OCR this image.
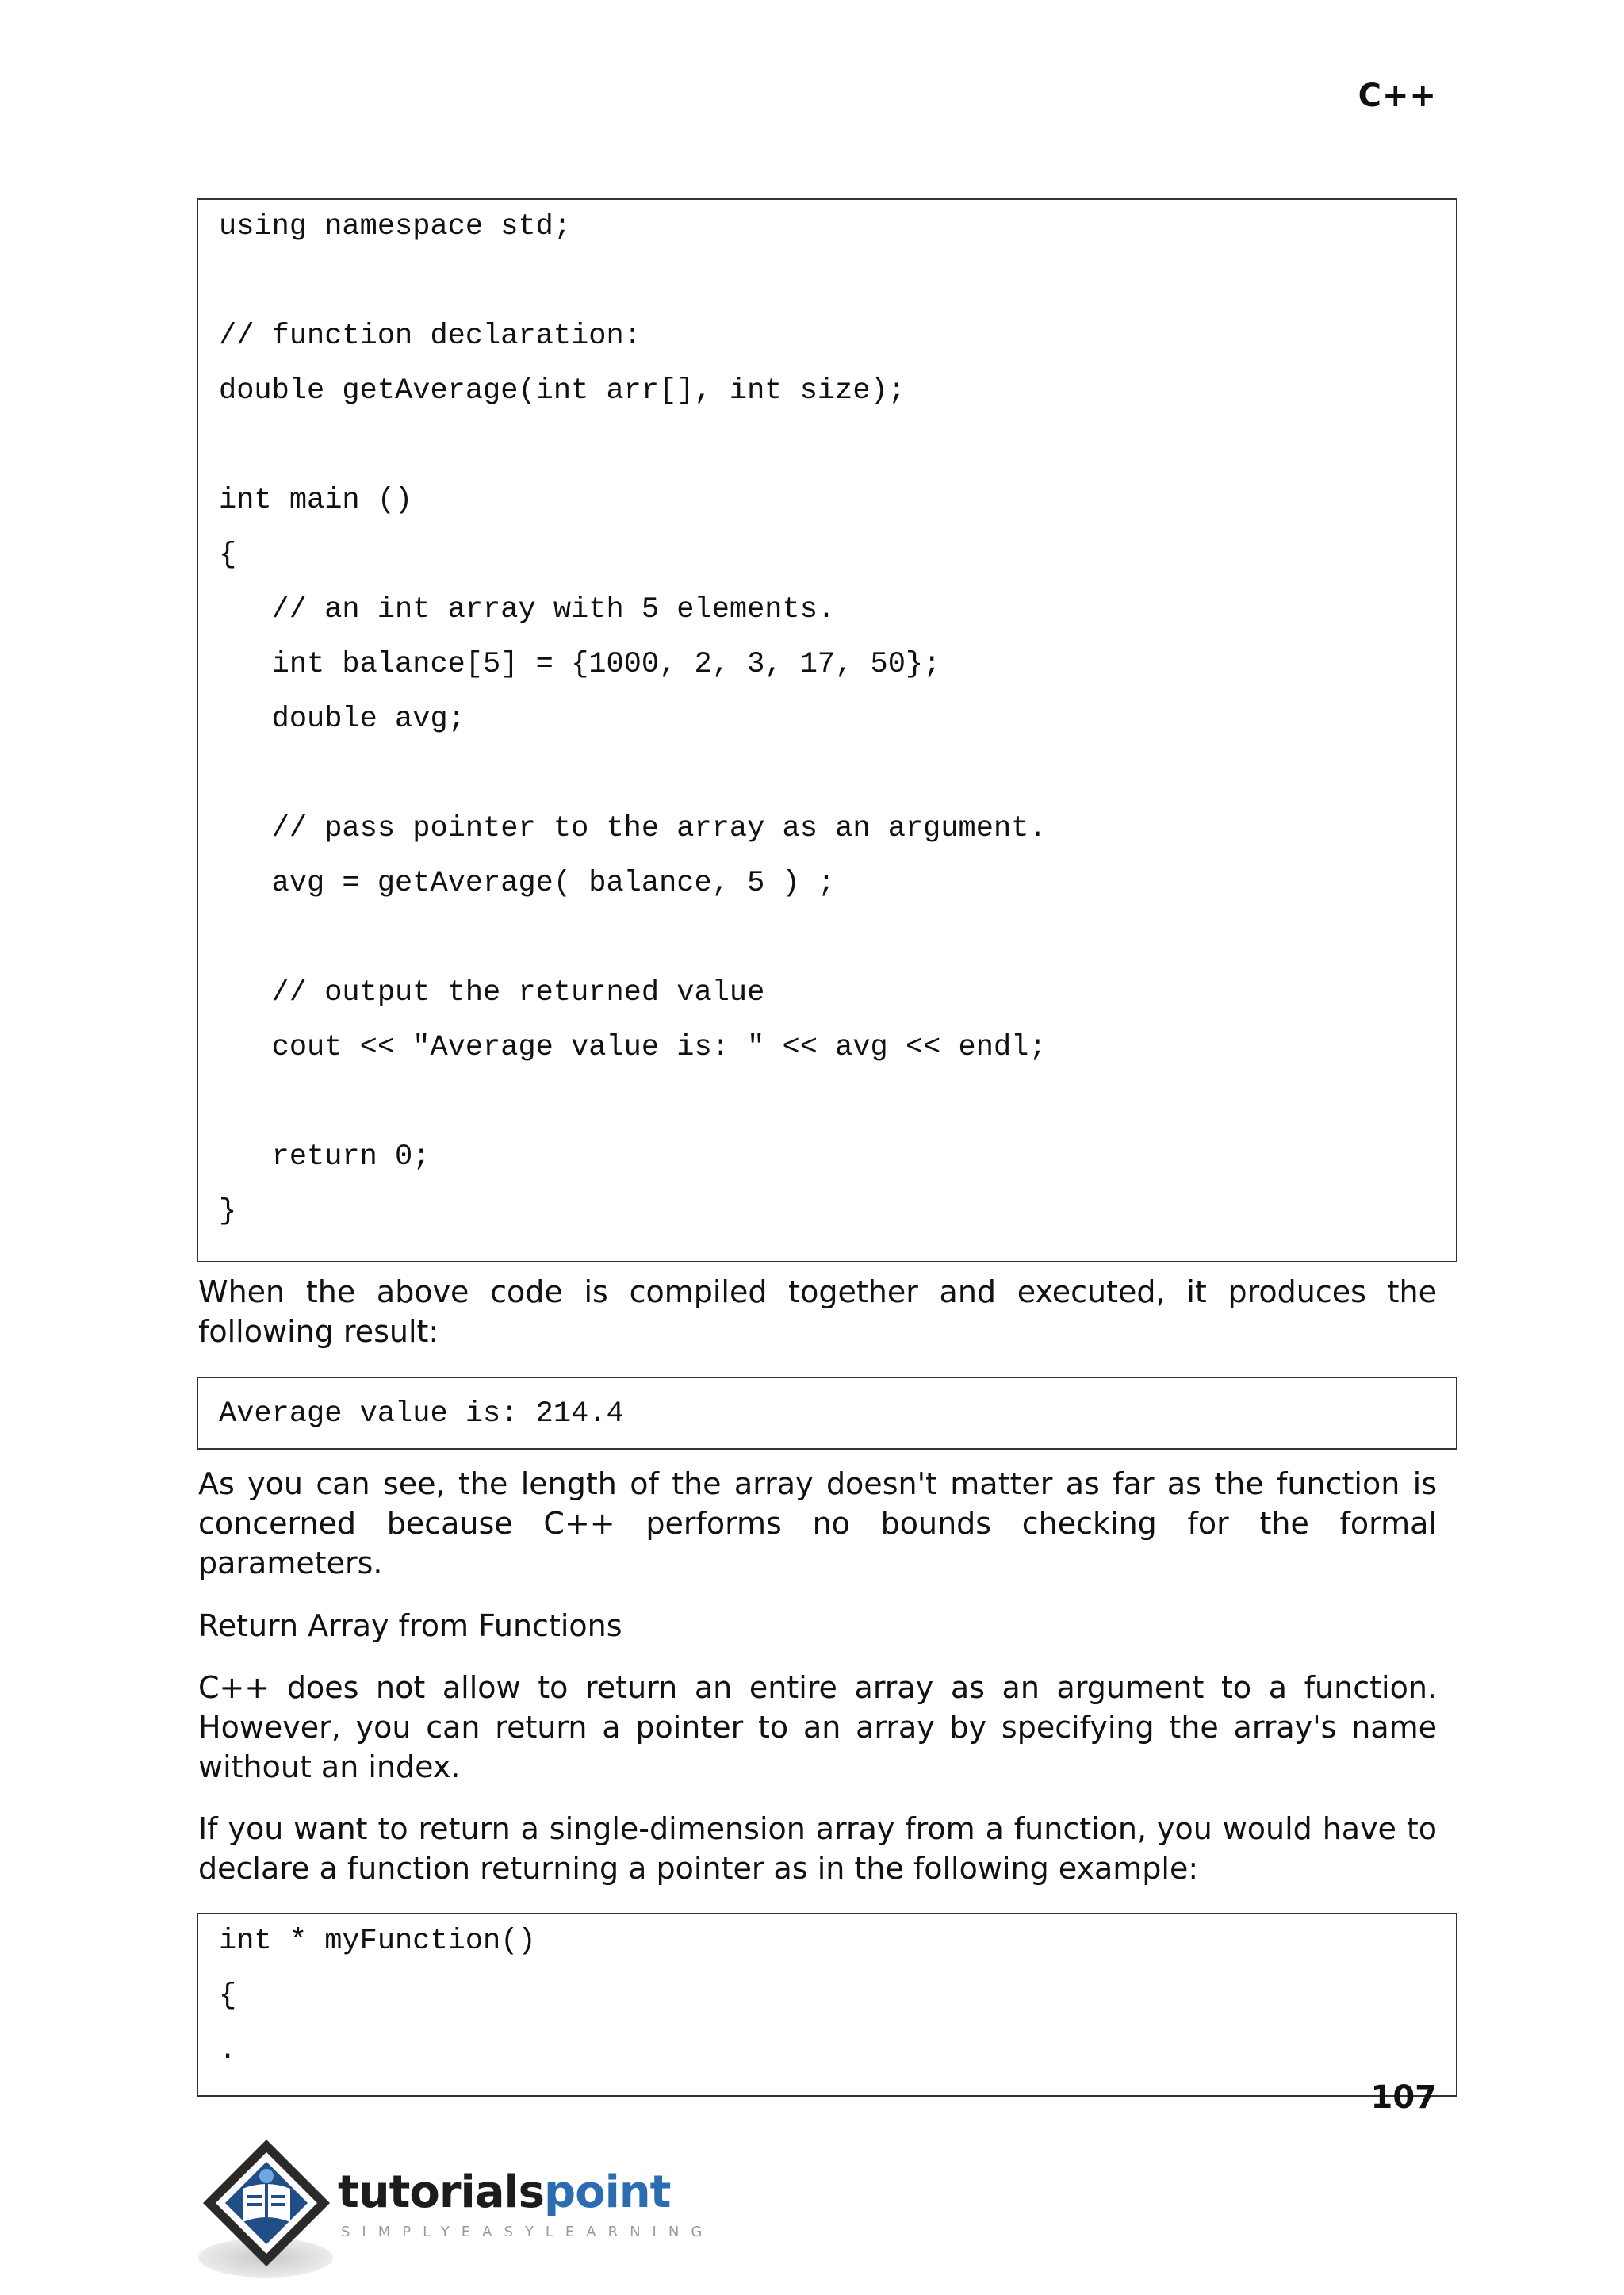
C++
using namespace std;
// function declaration:
double getAverage(int arr[], int size);
int main ()
{
// an int array with 5 elements.
int balance[5] = {1000, 2, 3, 17, 50};
double avg;
// pass pointer to the array as an argument.
avg = getAverage( balance, 5 ) ;
// output the returned value
cout << "Average value is: " << avg << endl;
return 0;
}
When the above code is compiled together and executed, it produces the following result:
Average value is: 214.4
As you can see, the length of the array doesn't matter as far as the function is concerned because C++ performs no bounds checking for the formal parameters.
Return Array from Functions
C++ does not allow to return an entire array as an argument to a function. However, you can return a pointer to an array by specifying the array's name without an index.
If you want to return a single-dimension array from a function, you would have to declare a function returning a pointer as in the following example:
int * myFunction()
{
.
107
tutorialspoint
SIMPLYEASYLEARNING
